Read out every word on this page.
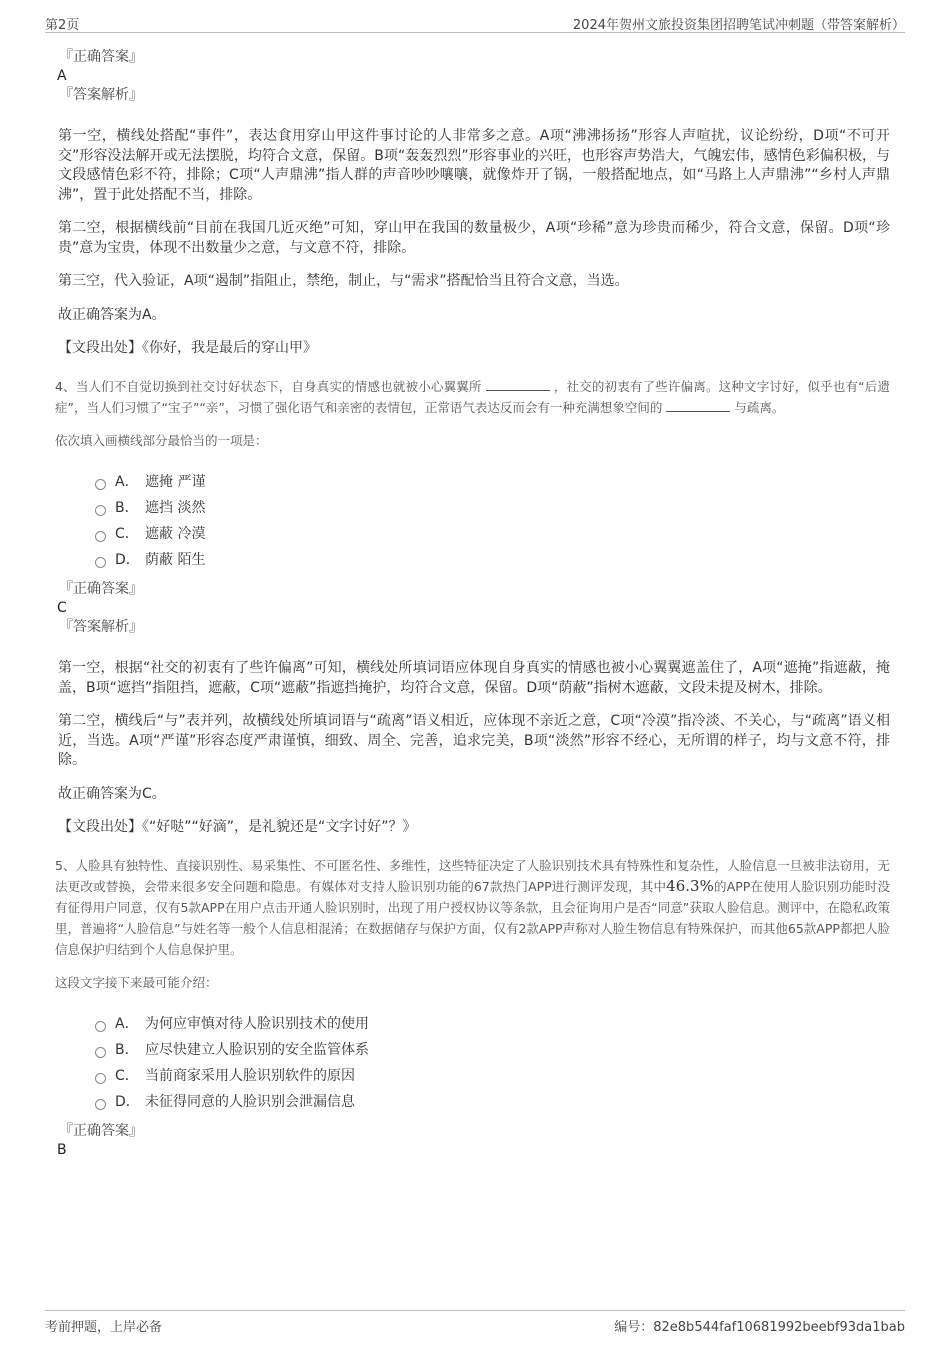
第2页	2024年贺州文旅投资集团招聘笔试冲刺题（带答案解析）
『正确答案』
A
『答案解析』

第一空，横线处搭配“事件”，表达食用穿山甲这件事讨论的人非常多之意。A项“沸沸扬扬”形容人声喧扰，议论纷纷，D项“不可开交”形容没法解开或无法摆脱，均符合文意，保留。B项“轰轰烈烈”形容事业的兴旺，也形容声势浩大，气魄宏伟，感情色彩偏积极，与文段感情色彩不符，排除；C项“人声鼎沸”指人群的声音吵吵嚷嚷，就像炸开了锅，一般搭配地点，如“马路上人声鼎沸”“乡村人声鼎沸”，置于此处搭配不当，排除。

第二空，根据横线前“目前在我国几近灭绝”可知，穿山甲在我国的数量极少，A项“珍稀”意为珍贵而稀少，符合文意，保留。D项“珍贵”意为宝贵，体现不出数量少之意，与文意不符，排除。

第三空，代入验证，A项“遏制”指阻止，禁绝，制止，与“需求”搭配恰当且符合文意，当选。

故正确答案为A。

【文段出处】《你好，我是最后的穿山甲》

4、当人们不自觉切换到社交讨好状态下，自身真实的情感也就被小心翼翼所	，社交的初衷有了些许偏离。这种文字讨好，似乎也有“后遗症”，当人们习惯了“宝子”“亲”，习惯了强化语气和亲密的表情包，正常语气表达反而会有一种充满想象空间的	与疏离。

依次填入画横线部分最恰当的一项是：
A． 遮掩 严谨
B． 遮挡 淡然
C． 遮蔽 冷漠
D． 荫蔽 陌生
『正确答案』
C
『答案解析』

第一空，根据“社交的初衷有了些许偏离”可知，横线处所填词语应体现自身真实的情感也被小心翼翼遮盖住了，A项“遮掩”指遮蔽，掩盖，B项“遮挡”指阻挡，遮蔽，C项“遮蔽”指遮挡掩护，均符合文意，保留。D项“荫蔽”指树木遮蔽，文段未提及树木，排除。

第二空，横线后“与”表并列，故横线处所填词语与“疏离”语义相近，应体现不亲近之意，C项“冷漠”指冷淡、不关心，与“疏离”语义相近，当选。A项“严谨”形容态度严肃谨慎，细致、周全、完善，追求完美，B项“淡然”形容不经心，无所谓的样子，均与文意不符，排除。

故正确答案为C。

【文段出处】《“好哒”“好滴”，是礼貌还是“文字讨好”？》

5、人脸具有独特性、直接识别性、易采集性、不可匿名性、多维性，这些特征决定了人脸识别技术具有特殊性和复杂性，人脸信息一旦被非法窃用，无法更改或替换，会带来很多安全问题和隐患。有媒体对支持人脸识别功能的67款热门APP进行测评发现，其中46.3%的APP在使用人脸识别功能时没有征得用户同意，仅有5款APP在用户点击开通人脸识别时，出现了用户授权协议等条款，且会征询用户是否“同意”获取人脸信息。测评中，在隐私政策里，普遍将“人脸信息”与姓名等一般个人信息相混淆；在数据储存与保护方面，仅有2款APP声称对人脸生物信息有特殊保护，而其他65款APP都把人脸信息保护归结到个人信息保护里。

这段文字接下来最可能介绍：
A． 为何应审慎对待人脸识别技术的使用
B． 应尽快建立人脸识别的安全监管体系
C． 当前商家采用人脸识别软件的原因
D． 未征得同意的人脸识别会泄漏信息
『正确答案』
B
考前押题，上岸必备	编号：82e8b544faf10681992beebf93da1bab
